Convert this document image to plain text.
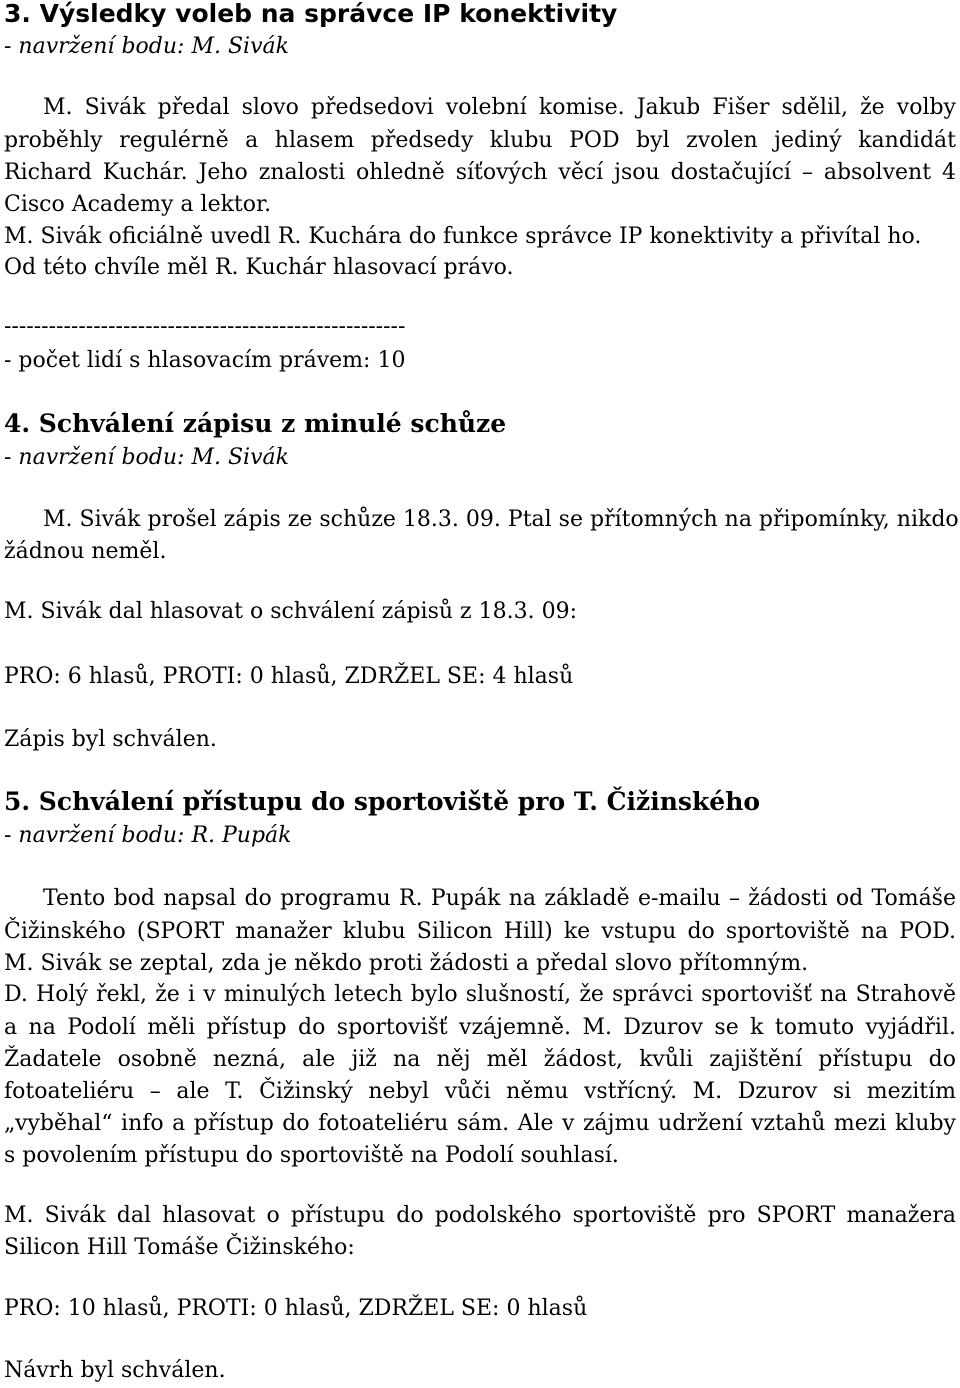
3. Výsledky voleb na správce IP konektivity
- navržení bodu: M. Sivák
M. Sivák předal slovo předsedovi volební komise. Jakub Fišer sdělil, že volby
proběhly regulérně a hlasem předsedy klubu POD byl zvolen jediný kandidát
Richard Kuchár. Jeho znalosti ohledně síťových věcí jsou dostačující – absolvent 4
Cisco Academy a lektor.
M. Sivák oficiálně uvedl R. Kuchára do funkce správce IP konektivity a přivítal ho.
Od této chvíle měl R. Kuchár hlasovací právo.
------------------------------------------------------
- počet lidí s hlasovacím právem: 10
4. Schválení zápisu z minulé schůze
- navržení bodu: M. Sivák
M. Sivák prošel zápis ze schůze 18.3. 09. Ptal se přítomných na připomínky, nikdo
žádnou neměl.
M. Sivák dal hlasovat o schválení zápisů z 18.3. 09:
PRO: 6 hlasů, PROTI: 0 hlasů, ZDRŽEL SE: 4 hlasů
Zápis byl schválen.
5. Schválení přístupu do sportoviště pro T. Čižinského
- navržení bodu: R. Pupák
Tento bod napsal do programu R. Pupák na základě e-mailu – žádosti od Tomáše
Čižinského (SPORT manažer klubu Silicon Hill) ke vstupu do sportoviště na POD.
M. Sivák se zeptal, zda je někdo proti žádosti a předal slovo přítomným.
D. Holý řekl, že i v minulých letech bylo slušností, že správci sportovišť na Strahově
a na Podolí měli přístup do sportovišť vzájemně. M. Dzurov se k tomuto vyjádřil.
Žadatele osobně nezná, ale již na něj měl žádost, kvůli zajištění přístupu do
fotoateliéru – ale T. Čižinský nebyl vůči němu vstřícný. M. Dzurov si mezitím
„vyběhal“ info a přístup do fotoateliéru sám. Ale v zájmu udržení vztahů mezi kluby
s povolením přístupu do sportoviště na Podolí souhlasí.
M. Sivák dal hlasovat o přístupu do podolského sportoviště pro SPORT manažera
Silicon Hill Tomáše Čižinského:
PRO: 10 hlasů, PROTI: 0 hlasů, ZDRŽEL SE: 0 hlasů
Návrh byl schválen.
